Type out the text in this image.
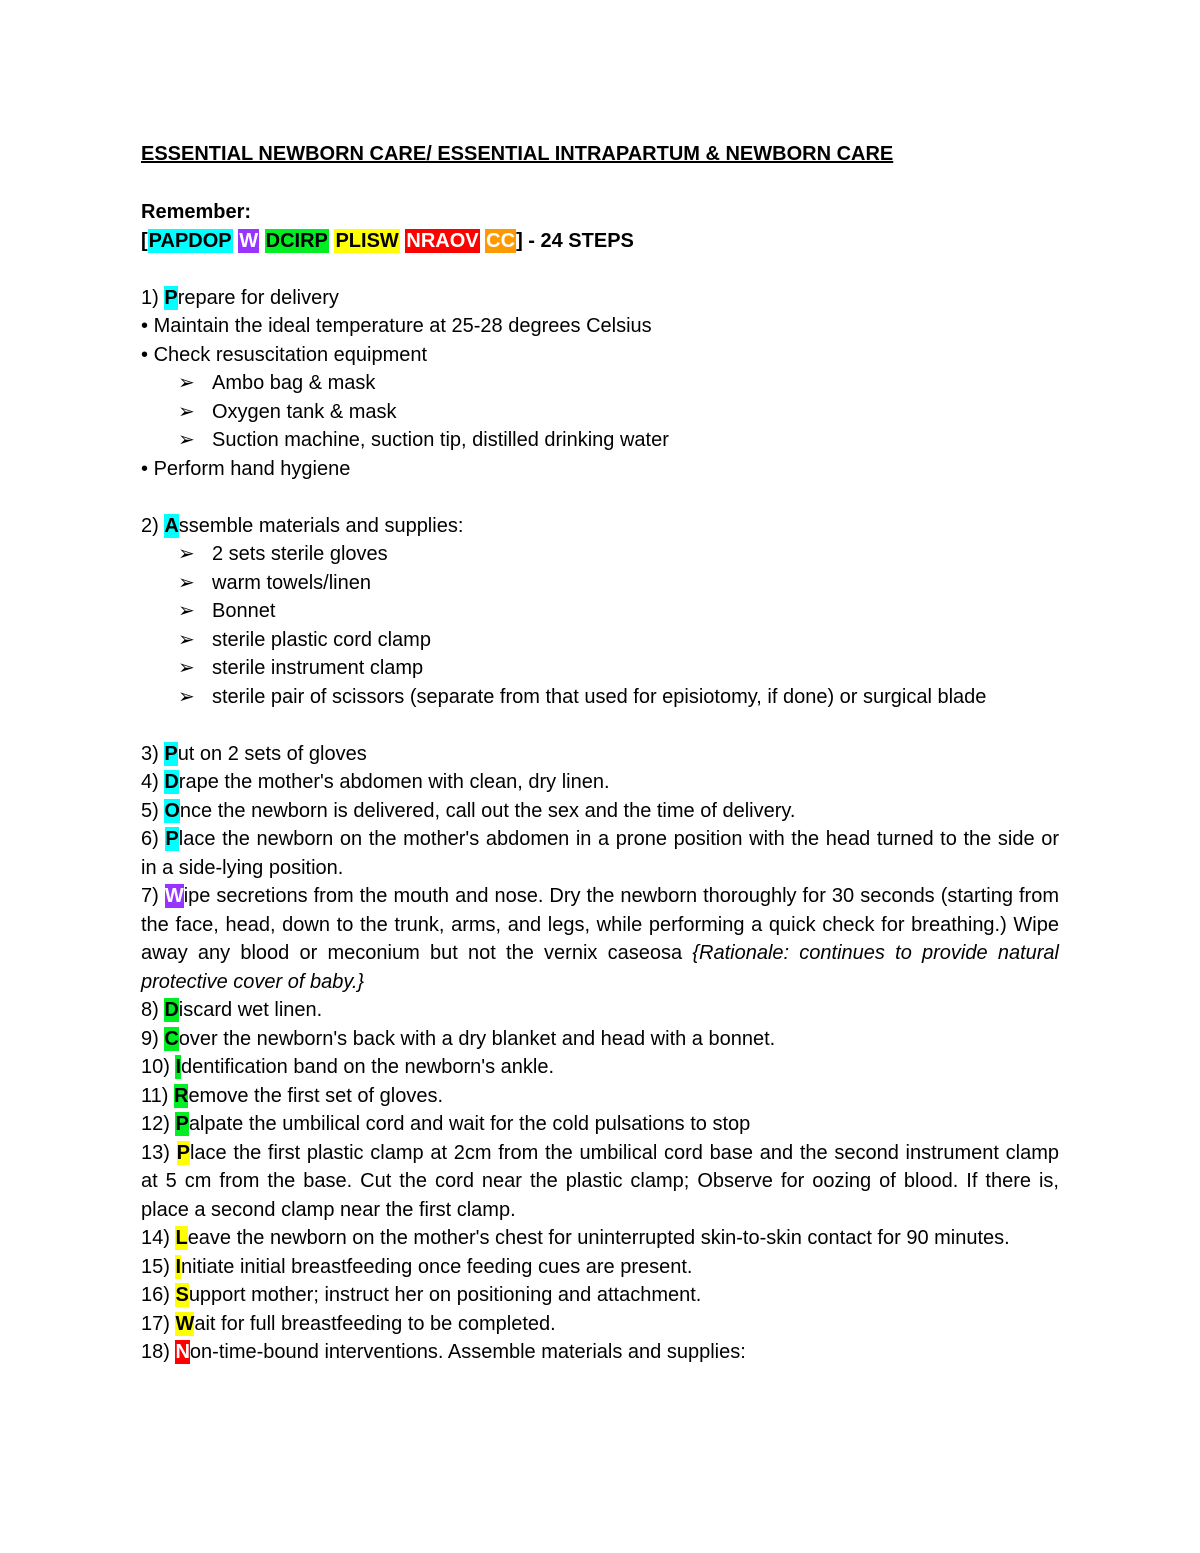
ESSENTIAL NEWBORN CARE/ ESSENTIAL INTRAPARTUM & NEWBORN CARE
Remember:
[PAPDOP W DCIRP PLISW NRAOV CC] - 24 STEPS
1) Prepare for delivery
• Maintain the ideal temperature at 25-28 degrees Celsius
• Check resuscitation equipment
➢ Ambo bag & mask
➢ Oxygen tank & mask
➢ Suction machine, suction tip, distilled drinking water
• Perform hand hygiene
2) Assemble materials and supplies:
➢ 2 sets sterile gloves
➢ warm towels/linen
➢ Bonnet
➢ sterile plastic cord clamp
➢ sterile instrument clamp
➢ sterile pair of scissors (separate from that used for episiotomy, if done) or surgical blade
3) Put on 2 sets of gloves
4) Drape the mother's abdomen with clean, dry linen.
5) Once the newborn is delivered, call out the sex and the time of delivery.
6) Place the newborn on the mother's abdomen in a prone position with the head turned to the side or in a side-lying position.
7) Wipe secretions from the mouth and nose. Dry the newborn thoroughly for 30 seconds (starting from the face, head, down to the trunk, arms, and legs, while performing a quick check for breathing.) Wipe away any blood or meconium but not the vernix caseosa {Rationale: continues to provide natural protective cover of baby.}
8) Discard wet linen.
9) Cover the newborn's back with a dry blanket and head with a bonnet.
10) Identification band on the newborn's ankle.
11) Remove the first set of gloves.
12) Palpate the umbilical cord and wait for the cold pulsations to stop
13) Place the first plastic clamp at 2cm from the umbilical cord base and the second instrument clamp at 5 cm from the base. Cut the cord near the plastic clamp; Observe for oozing of blood. If there is, place a second clamp near the first clamp.
14) Leave the newborn on the mother's chest for uninterrupted skin-to-skin contact for 90 minutes.
15) Initiate initial breastfeeding once feeding cues are present.
16) Support mother; instruct her on positioning and attachment.
17) Wait for full breastfeeding to be completed.
18) Non-time-bound interventions. Assemble materials and supplies:
